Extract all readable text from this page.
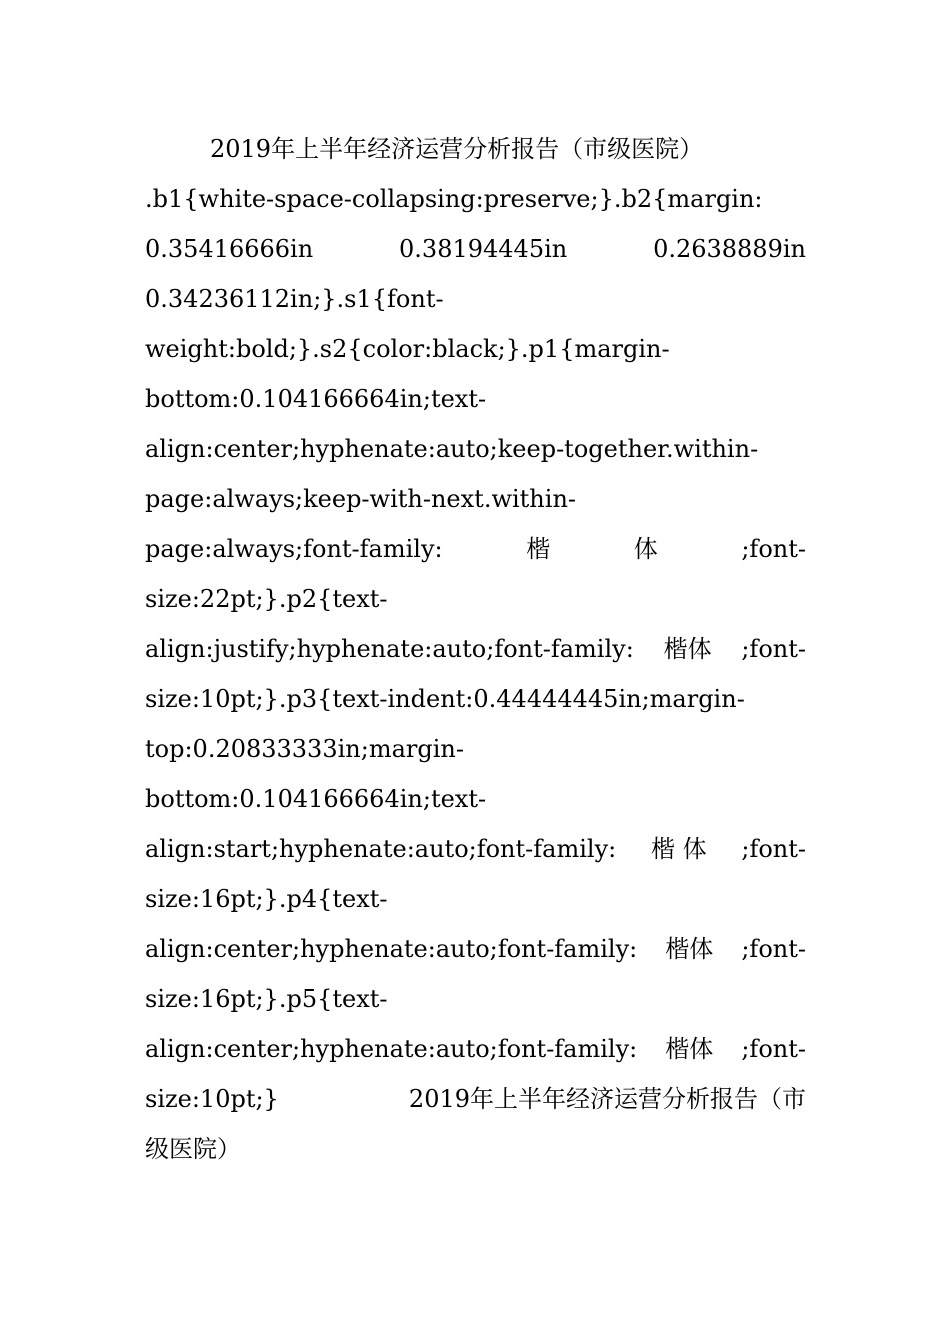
2019年上半年经济运营分析报告（市级医院）
.b1{white-space-collapsing:preserve;}.b2{margin:
0.35416666in	0.38194445in	0.2638889in
0.34236112in;}.s1{font-
weight:bold;}.s2{color:black;}.p1{margin-
bottom:0.104166664in;text-
align:center;hyphenate:auto;keep-together.within-
page:always;keep-with-next.within-
page:always;font-family:	楷	体	;font-
size:22pt;}.p2{text-
align:justify;hyphenate:auto;font-family: 楷体 ;font-
size:10pt;}.p3{text-indent:0.44444445in;margin-
top:0.20833333in;margin-
bottom:0.104166664in;text-
align:start;hyphenate:auto;font-family: 楷 体 ;font-
size:16pt;}.p4{text-
align:center;hyphenate:auto;font-family: 楷体 ;font-
size:16pt;}.p5{text-
align:center;hyphenate:auto;font-family: 楷体 ;font-
size:10pt;}	2019年上半年经济运营分析报告（市
级医院）
